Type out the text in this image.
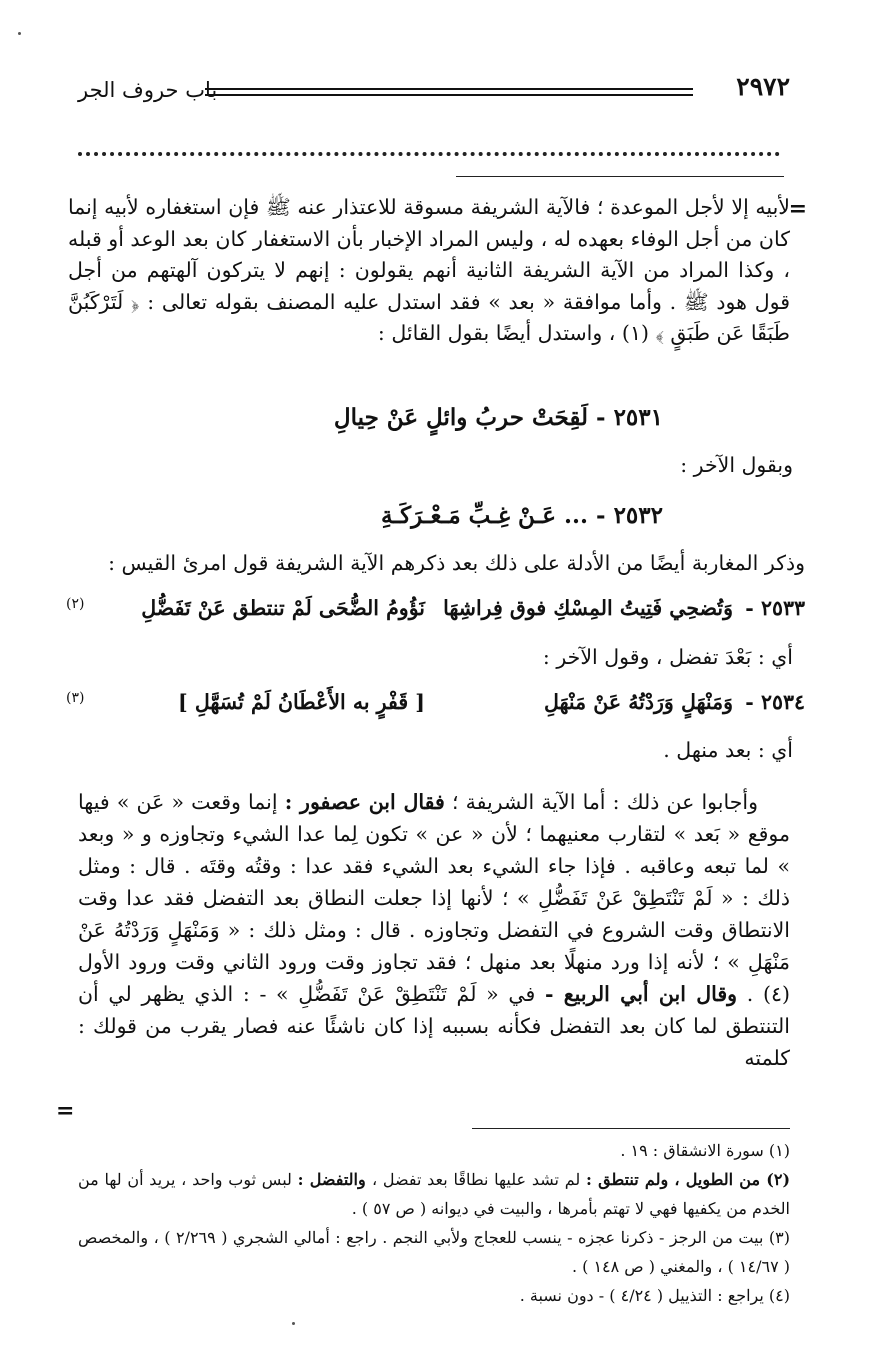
٢٩٧٢
باب حروف الجر
=

لأبيه إلا لأجل الموعدة ؛ فالآية الشريفة مسوقة للاعتذار عنه ﷺ فإن استغفاره لأبيه إنما كان من أجل الوفاء بعهده له ، وليس المراد الإخبار بأن الاستغفار كان بعد الوعد أو قبله ، وكذا المراد من الآية الشريفة الثانية أنهم يقولون : إنهم لا يتركون آلهتهم من أجل قول هود ﷺ . وأما موافقة « بعد » فقد استدل عليه المصنف بقوله تعالى : ﴿ لَتَرْكَبُنَّ طَبَقًا عَن طَبَقٍ ﴾ (١) ، واستدل أيضًا بقول القائل :

٢٥٣١ - لَقِحَتْ حربُ وائلٍ عَنْ حِيالِ
وبقول الآخر :
٢٥٣٢ - ... عَـنْ غِـبِّ مَـعْـرَكَـةِ
وذكر المغاربة أيضًا من الأدلة على ذلك بعد ذكرهم الآية الشريفة قول امرئ القيس :
٢٥٣٣ -
وَتُضحِي فَتِيتُ المِسْكِ فوق فِراشِهَا
نَؤُومُ الضُّحَى لَمْ تنتطق عَنْ تَفَضُّلِ
(٢)
أي : بَعْدَ تفضل ، وقول الآخر :
٢٥٣٤ -
وَمَنْهَلٍ وَرَدْتُهُ عَنْ مَنْهَلِ
[ قَفْرٍ به الأَعْطَانُ لَمْ تُسَهَّلِ ]
(٣)
أي : بعد منهل .
وأجابوا عن ذلك : أما الآية الشريفة ؛ فقال ابن عصفور : إنما وقعت « عَن » فيها موقع « بَعد » لتقارب معنيهما ؛ لأن « عن » تكون لِما عدا الشيء وتجاوزه و « وبعد » لما تبعه وعاقبه . فإذا جاء الشيء بعد الشيء فقد عدا : وقتُه وقتَه . قال : ومثل ذلك : « لَمْ تَنْتَطِقْ عَنْ تَفَضُّلِ » ؛ لأنها إذا جعلت النطاق بعد التفضل فقد عدا وقت الانتطاق وقت الشروع في التفضل وتجاوزه . قال : ومثل ذلك : « وَمَنْهَلٍ وَرَدْتُهُ عَنْ مَنْهَلِ » ؛ لأنه إذا ورد منهلًا بعد منهل ؛ فقد تجاوز وقت ورود الثاني وقت ورود الأول (٤) . وقال ابن أبي الربيع - في « لَمْ تَنْتَطِقْ عَنْ تَفَضُّلِ » - : الذي يظهر لي أن التنتطق لما كان بعد التفضل فكأنه بسببه إذا كان ناشئًا عنه فصار يقرب من قولك : كلمته
=

(١) سورة الانشقاق : ١٩ .

(٢) من الطويل ، ولم تنتطق : لم تشد عليها نطاقًا بعد تفضل ، والتفضل : لبس ثوب واحد ، يريد أن لها من الخدم من يكفيها فهي لا تهتم بأمرها ، والبيت في ديوانه ( ص ٥٧ ) .

(٣) بيت من الرجز - ذكرنا عجزه - ينسب للعجاج ولأبي النجم . راجع : أمالي الشجري ( ٢/٢٦٩ ) ، والمخصص ( ١٤/٦٧ ) ، والمغني ( ص ١٤٨ ) .

(٤) يراجع : التذييل ( ٤/٢٤ ) - دون نسبة .
